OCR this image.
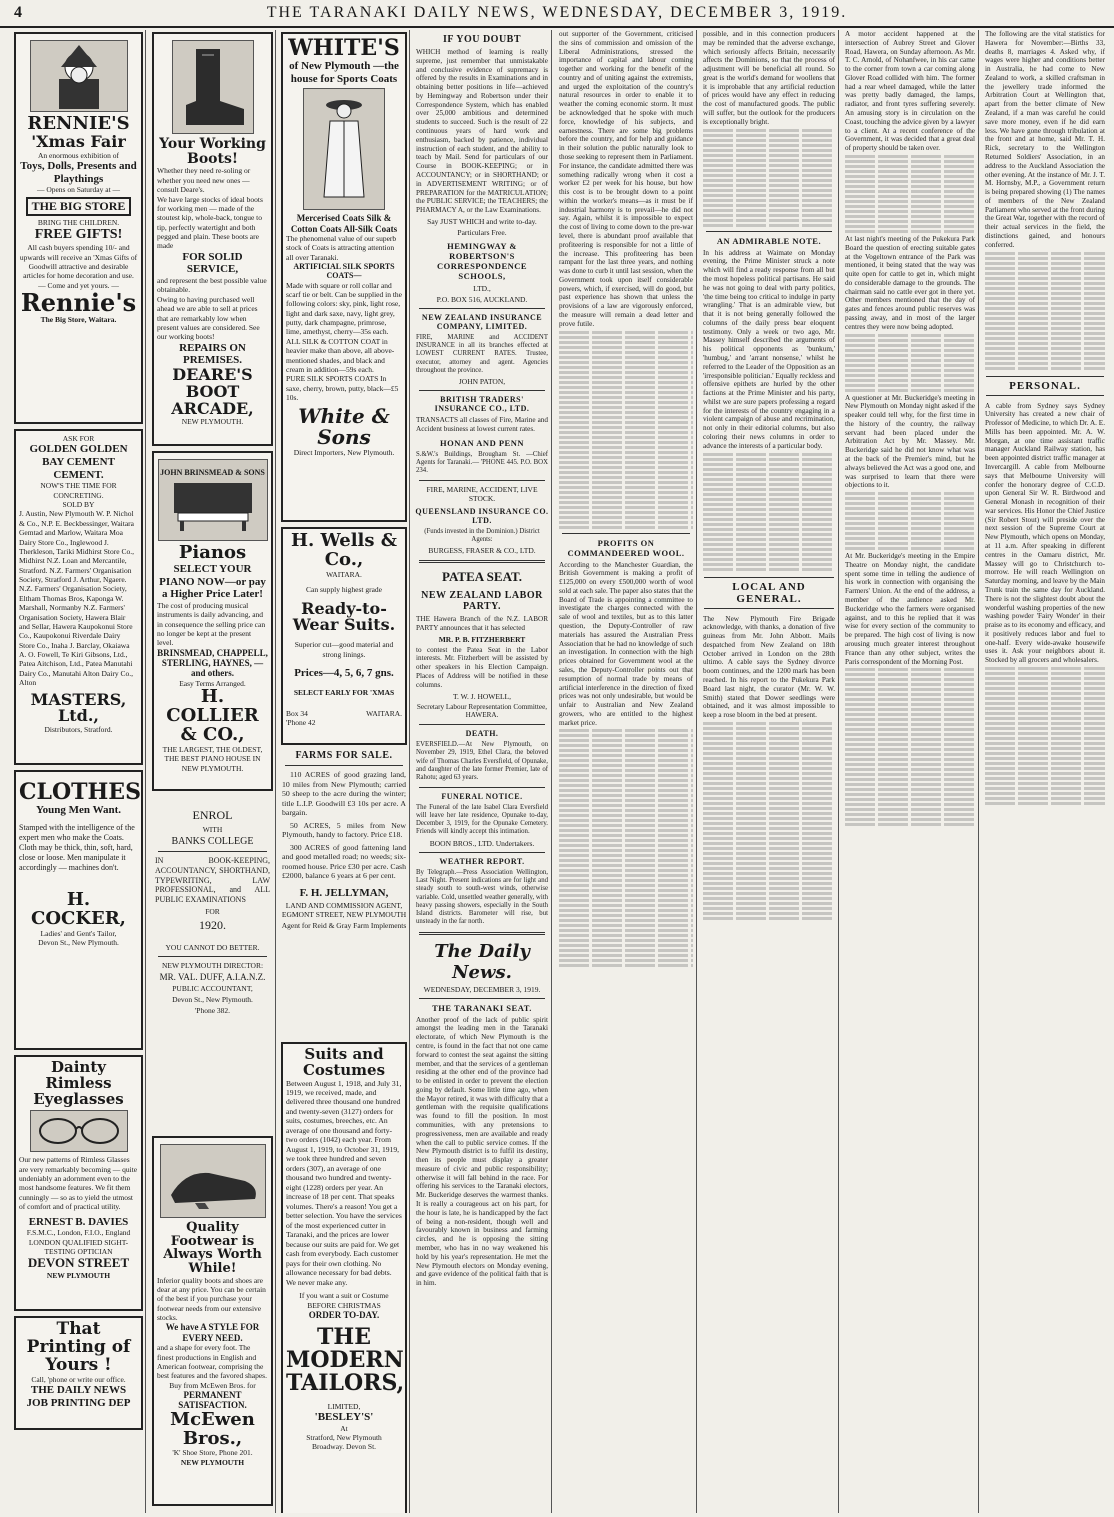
4	THE TARANAKI DAILY NEWS, WEDNESDAY, DECEMBER 3, 1919.
RENNIE'S
'Xmas Fair
An enormous exhibition of
Toys, Dolls, Presents and Playthings
— Opens on Saturday at —
THE BIG STORE
BRING THE CHILDREN.
FREE GIFTS!
All cash buyers spending 10/- and upwards will receive an 'Xmas Gifts of Goodwill attractive and desirable articles for home decoration and use. — Come and yet yours. —
Rennie's
The Big Store, Waitara.
ASK FOR
GOLDEN GOLDEN BAY CEMENT CEMENT.
NOW'S THE TIME FOR CONCRETING.
SOLD BY
J. Austin, New Plymouth W. P. Nichol & Co., N.P. E. Beckbessinger, Waitara Gemtad and Marlow, Waitara Moa Dairy Store Co., Inglewood J. Therkleson, Tariki Midhirst Store Co., Midhirst N.Z. Loan and Mercantile, Stratford. N.Z. Farmers' Organisation Society, Stratford J. Arthur, Ngaere. N.Z. Farmers' Organisation Society, Eltham Thomas Bros, Kaponga W. Marshall, Normanby N.Z. Farmers' Organisation Society, Hawera Blair and Sellar, Hawera Kaupokonui Store Co., Kaupokonui Riverdale Dairy Store Co., Inaha J. Barclay, Okaiawa A. O. Fowell, Te Kiri Gibsons, Ltd., Patea Aitchison, Ltd., Patea Manutahi Dairy Co., Manutahi Alton Dairy Co., Alton
MASTERS, Ltd.,
Distributors, Stratford.
CLOTHES
Young Men Want.
Stamped with the intelligence of the expert men who make the Coats. Cloth may be thick, thin, soft, hard, close or loose. Men manipulate it accordingly — machines don't.
H. COCKER,
Ladies' and Gent's Tailor,
Devon St., New Plymouth.
Dainty Rimless Eyeglasses
Our new patterns of Rimless Glasses are very remarkably becoming — quite undeniably an adornment even to the most handsome features. We fit them cunningly — so as to yield the utmost of comfort and of practical utility.
ERNEST B. DAVIES
F.S.M.C., London, F.I.O., England
LONDON QUALIFIED SIGHT-TESTING OPTICIAN
DEVON STREET
NEW PLYMOUTH
That Printing of Yours !
Call, 'phone or write our office.
THE DAILY NEWS
JOB PRINTING DEP
Your Working Boots!
Whether they need re-soling or whether you need new ones — consult Deare's.
We have large stocks of ideal boots for working men — made of the stoutest kip, whole-back, tongue to tip, perfectly watertight and both pegged and plain. These boots are made
FOR SOLID SERVICE,
and represent the best possible value obtainable.
Owing to having purchased well ahead we are able to sell at prices that are remarkably low when present values are considered. See our working boots!
REPAIRS ON PREMISES.
DEARE'S BOOT ARCADE,
NEW PLYMOUTH.
JOHN BRINSMEAD & SONS
Pianos
SELECT YOUR PIANO NOW—or pay a Higher Price Later!
The cost of producing musical instruments is daily advancing, and in consequence the selling price can no longer be kept at the present level.
BRINSMEAD, CHAPPELL, STERLING, HAYNES, — and others.
Easy Terms Arranged.
H. COLLIER & CO.,
THE LARGEST, THE OLDEST, THE BEST PIANO HOUSE IN NEW PLYMOUTH.
ENROL
WITH
BANKS COLLEGE
IN BOOK-KEEPING, ACCOUNTANCY, SHORTHAND, TYPEWRITING, LAW PROFESSIONAL, and ALL PUBLIC EXAMINATIONS
FOR
1920.
YOU CANNOT DO BETTER.
NEW PLYMOUTH DIRECTOR:
MR. VAL. DUFF, A.I.A.N.Z.
PUBLIC ACCOUNTANT,
Devon St., New Plymouth.
'Phone 382.
Quality Footwear is Always Worth While!
Inferior quality boots and shoes are dear at any price. You can be certain of the best if you purchase your footwear needs from our extensive stocks.
We have A STYLE FOR EVERY NEED.
and a shape for every foot. The finest productions in English and American footwear, comprising the best features and the favored shapes.
Buy from McEwen Bros. for
PERMANENT SATISFACTION.
McEwen Bros.,
'K' Shoe Store, Phone 201.
NEW PLYMOUTH
WHITE'S
of New Plymouth —the house for Sports Coats
Mercerised Coats Silk & Cotton Coats All-Silk Coats
The phenomenal value of our superb stock of Coats is attracting attention all over Taranaki.
ARTIFICIAL SILK SPORTS COATS—
Made with square or roll collar and scarf tie or belt. Can be supplied in the following colors: sky, pink, light rose, light and dark saxe, navy, light grey, putty, dark champagne, primrose, lime, amethyst, cherry—35s each.
ALL SILK & COTTON COAT in heavier make than above, all above-mentioned shades, and black and cream in addition—59s each.
PURE SILK SPORTS COATS In saxe, cherry, brown, putty, black—£5 10s.
White & Sons
Direct Importers, New Plymouth.
H. Wells & Co.,
WAITARA.
Can supply highest grade
Ready-to-Wear Suits.
Superior cut—good material and strong linings.
Prices—4, 5, 6, 7 gns.
SELECT EARLY FOR 'XMAS
Box 34	WAITARA.
'Phone 42
FARMS FOR SALE.

110 ACRES of good grazing land, 10 miles from New Plymouth; carried 50 sheep to the acre during the winter; title L.I.P. Goodwill £3 10s per acre. A bargain.

50 ACRES, 5 miles from New Plymouth, handy to factory. Price £18.

300 ACRES of good fattening land and good metalled road; no weeds; six-roomed house. Price £30 per acre. Cash £2000, balance 6 years at 6 per cent.

F. H. JELLYMAN,
LAND AND COMMISSION AGENT, EGMONT STREET, NEW PLYMOUTH
Agent for Reid & Gray Farm Implements
Suits and Costumes
Between August 1, 1918, and July 31, 1919, we received, made, and delivered three thousand one hundred and twenty-seven (3127) orders for suits, costumes, breeches, etc. An average of one thousand and forty-two orders (1042) each year. From August 1, 1919, to October 31, 1919, we took three hundred and seven orders (307), an average of one thousand two hundred and twenty-eight (1228) orders per year. An increase of 18 per cent. That speaks volumes. There's a reason! You get a better selection. You have the services of the most experienced cutter in Taranaki, and the prices are lower because our suits are paid for. We get cash from everybody. Each customer pays for their own clothing. No allowance necessary for bad debts. We never make any.
If you want a suit or Costume BEFORE CHRISTMAS
ORDER TO-DAY.
THE MODERN TAILORS,
LIMITED,
'BESLEY'S'
At
Stratford, New Plymouth
Broadway. Devon St.
IF YOU DOUBT
WHICH method of learning is really supreme, just remember that unmistakable and conclusive evidence of supremacy is offered by the results in Examinations and in obtaining better positions in life—achieved by Hemingway and Robertson under their Correspondence System, which has enabled over 25,000 ambitious and determined students to succeed. Such is the result of 22 continuous years of hard work and enthusiasm, backed by patience, individual instruction of each student, and the ability to teach by Mail. Send for particulars of our Course in BOOK-KEEPING; or in ACCOUNTANCY; or in SHORTHAND; or in ADVERTISEMENT WRITING; or of PREPARATION for the MATRICULATION; the PUBLIC SERVICE; the TEACHERS; the PHARMACY A, or the Law Examinations.
Say JUST WHICH and write to-day.
Particulars Free.
HEMINGWAY & ROBERTSON'S CORRESPONDENCE SCHOOLS,
LTD.,
P.O. BOX 516, AUCKLAND.
NEW ZEALAND INSURANCE COMPANY, LIMITED.
FIRE, MARINE and ACCIDENT INSURANCE in all its branches effected at LOWEST CURRENT RATES. Trustee, executor, attorney and agent. Agencies throughout the province.
JOHN PATON,
BRITISH TRADERS' INSURANCE CO., LTD.
TRANSACTS all classes of Fire, Marine and Accident business at lowest current rates.
HONAN AND PENN
S.&W.'s Buildings, Brougham St. —Chief Agents for Taranaki.— 'PHONE 445. P.O. BOX 234.
FIRE, MARINE, ACCIDENT, LIVE STOCK.
QUEENSLAND INSURANCE CO. LTD.
(Funds invested in the Dominion.) District Agents:
BURGESS, FRASER & CO., LTD.
PATEA SEAT.
NEW ZEALAND LABOR PARTY.
THE Hawera Branch of the N.Z. LABOR PARTY announces that it has selected
MR. P. B. FITZHERBERT
to contest the Patea Seat in the Labor interests. Mr. Fitzherbert will be assisted by other speakers in his Election Campaign. Places of Address will be notified in these columns.
T. W. J. HOWELL,
Secretary Labour Representation Committee, HAWERA.
DEATH.
EVERSFIELD.—At New Plymouth, on November 29, 1919, Ethel Clara, the beloved wife of Thomas Charles Eversfield, of Opunake, and daughter of the late former Premier, late of Rahotu; aged 63 years.
FUNERAL NOTICE.
The Funeral of the late Isabel Clara Eversfield will leave her late residence, Opunake to-day, December 3, 1919, for the Opunake Cemetery. Friends will kindly accept this intimation.
BOON BROS., LTD. Undertakers.
WEATHER REPORT.
By Telegraph.—Press Association Wellington, Last Night. Present indications are for light and steady south to south-west winds, otherwise variable. Cold, unsettled weather generally, with heavy passing showers, especially in the South Island districts. Barometer will rise, but unsteady in the far north.
The Daily News.
WEDNESDAY, DECEMBER 3, 1919.
THE TARANAKI SEAT.
Another proof of the lack of public spirit amongst the leading men in the Taranaki electorate, of which New Plymouth is the centre, is found in the fact that not one came forward to contest the seat against the sitting member, and that the services of a gentleman residing at the other end of the province had to be enlisted in order to prevent the election going by default. Some little time ago, when the Mayor retired, it was with difficulty that a gentleman with the requisite qualifications was found to fill the position. In most communities, with any pretensions to progressiveness, men are available and ready when the call to public service comes. If the New Plymouth district is to fulfil its destiny, then its people must display a greater measure of civic and public responsibility; otherwise it will fall behind in the race. For offering his services to the Taranaki electors, Mr. Buckeridge deserves the warmest thanks. It is really a courageous act on his part, for the hour is late, he is handicapped by the fact of being a non-resident, though well and favourably known in business and farming circles, and he is opposing the sitting member, who has in no way weakened his hold by his year's representation. He met the New Plymouth electors on Monday evening, and gave evidence of the political faith that is in him.
out supporter of the Government, criticised the sins of commission and omission of the Liberal Administrations, stressed the importance of capital and labour coming together and working for the benefit of the country and of uniting against the extremists, and urged the exploitation of the country's natural resources in order to enable it to weather the coming economic storm. It must be acknowledged that he spoke with much force, knowledge of his subjects, and earnestness. There are some big problems before the country, and for help and guidance in their solution the public naturally look to those seeking to represent them in Parliament. For instance, the candidate admitted there was something radically wrong when it cost a worker £2 per week for his house, but how this cost is to be brought down to a point within the worker's means—as it must be if industrial harmony is to prevail—he did not say. Again, whilst it is impossible to expect the cost of living to come down to the pre-war level, there is abundant proof available that profiteering is responsible for not a little of the increase. This profiteering has been rampant for the last three years, and nothing was done to curb it until last session, when the Government took upon itself considerable powers, which, if exercised, will do good, but past experience has shown that unless the provisions of a law are vigorously enforced, the measure will remain a dead letter and prove futile.
PROFITS ON COMMANDEERED WOOL.
According to the Manchester Guardian, the British Government is making a profit of £125,000 on every £500,000 worth of wool sold at each sale. The paper also states that the Board of Trade is appointing a committee to investigate the charges connected with the sale of wool and textiles, but as to this latter question, the Deputy-Controller of raw materials has assured the Australian Press Association that he had no knowledge of such an investigation. In connection with the high prices obtained for Government wool at the sales, the Deputy-Controller points out that resumption of normal trade by means of artificial interference in the direction of fixed prices was not only undesirable, but would be unfair to Australian and New Zealand growers, who are entitled to the highest market price.
possible, and in this connection producers may be reminded that the adverse exchange, which seriously affects Britain, necessarily affects the Dominions, so that the process of adjustment will be beneficial all round. So great is the world's demand for woollens that it is improbable that any artificial reduction of prices would have any effect in reducing the cost of manufactured goods. The public will suffer, but the outlook for the producers is exceptionally bright.
AN ADMIRABLE NOTE.
In his address at Waimate on Monday evening, the Prime Minister struck a note which will find a ready response from all but the most hopeless political partisans. He said he was not going to deal with party politics, 'the time being too critical to indulge in party wrangling.' That is an admirable view, but that it is not being generally followed the columns of the daily press bear eloquent testimony. Only a week or two ago, Mr. Massey himself described the arguments of his political opponents as 'bunkum,' 'humbug,' and 'arrant nonsense,' whilst he referred to the Leader of the Opposition as an 'irresponsible politician.' Equally reckless and offensive epithets are hurled by the other factions at the Prime Minister and his party, whilst we are sure papers professing a regard for the interests of the country engaging in a violent campaign of abuse and recrimination, not only in their editorial columns, but also coloring their news columns in order to advance the interests of a particular body.
LOCAL AND GENERAL.
The New Plymouth Fire Brigade acknowledge, with thanks, a donation of five guineas from Mr. John Abbott. Mails despatched from New Zealand on 18th October arrived in London on the 28th ultimo. A cable says the Sydney divorce boom continues, and the 1200 mark has been reached. In his report to the Pukekura Park Board last night, the curator (Mr. W. W. Smith) stated that Dower seedlings were obtained, and it was almost impossible to keep a rose bloom in the bed at present.
A motor accident happened at the intersection of Aubrey Street and Glover Road, Hawera, on Sunday afternoon. As Mr. T. C. Arnold, of Nohanfwee, in his car came to the corner from town a car coming along Glover Road collided with him. The former had a rear wheel damaged, while the latter was pretty badly damaged, the lamps, radiator, and front tyres suffering severely. An amusing story is in circulation on the Coast, touching the advice given by a lawyer to a client. At a recent conference of the Government, it was decided that a great deal of property should be taken over.
At last night's meeting of the Pukekura Park Board the question of erecting suitable gates at the Vogeltown entrance of the Park was mentioned, it being stated that the way was quite open for cattle to get in, which might do considerable damage to the grounds. The chairman said no cattle ever got in there yet. Other members mentioned that the day of gates and fences around public reserves was passing away, and in most of the larger centres they were now being adopted.
A questioner at Mr. Buckeridge's meeting in New Plymouth on Monday night asked if the speaker could tell why, for the first time in the history of the country, the railway servant had been placed under the Arbitration Act by Mr. Massey. Mr. Buckeridge said he did not know what was at the back of the Premier's mind, but he always believed the Act was a good one, and was surprised to learn that there were objections to it.
At Mr. Buckeridge's meeting in the Empire Theatre on Monday night, the candidate spent some time in telling the audience of his work in connection with organising the Farmers' Union. At the end of the address, a member of the audience asked Mr. Buckeridge who the farmers were organised against, and to this he replied that it was wise for every section of the community to be prepared. The high cost of living is now arousing much greater interest throughout France than any other subject, writes the Paris correspondent of the Morning Post.
The following are the vital statistics for Hawera for November:—Births 33, deaths 8, marriages 4. Asked why, if wages were higher and conditions better in Australia, he had come to New Zealand to work, a skilled craftsman in the jewellery trade informed the Arbitration Court at Wellington that, apart from the better climate of New Zealand, if a man was careful he could save more money, even if he did earn less. We have gone through tribulation at the front and at home, said Mr. T. H. Rick, secretary to the Wellington Returned Soldiers' Association, in an address to the Auckland Association the other evening. At the instance of Mr. J. T. M. Hornsby, M.P., a Government return is being prepared showing (1) The names of members of the New Zealand Parliament who served at the front during the Great War, together with the record of their actual services in the field, the distinctions gained, and honours conferred.
PERSONAL.
A cable from Sydney says Sydney University has created a new chair of Professor of Medicine, to which Dr. A. E. Mills has been appointed. Mr. A. W. Morgan, at one time assistant traffic manager Auckland Railway station, has been appointed district traffic manager at Invercargill. A cable from Melbourne says that Melbourne University will confer the honorary degree of C.C.D. upon General Sir W. R. Birdwood and General Monash in recognition of their war services. His Honor the Chief Justice (Sir Robert Stout) will preside over the next session of the Supreme Court at New Plymouth, which opens on Monday, at 11 a.m. After speaking in different centres in the Oamaru district, Mr. Massey will go to Christchurch to-morrow. He will reach Wellington on Saturday morning, and leave by the Main Trunk train the same day for Auckland. There is not the slightest doubt about the wonderful washing properties of the new washing powder 'Fairy Wonder' in their praise as to its economy and efficacy, and it positively reduces labor and fuel to one-half. Every wide-awake housewife uses it. Ask your neighbors about it. Stocked by all grocers and wholesalers.
